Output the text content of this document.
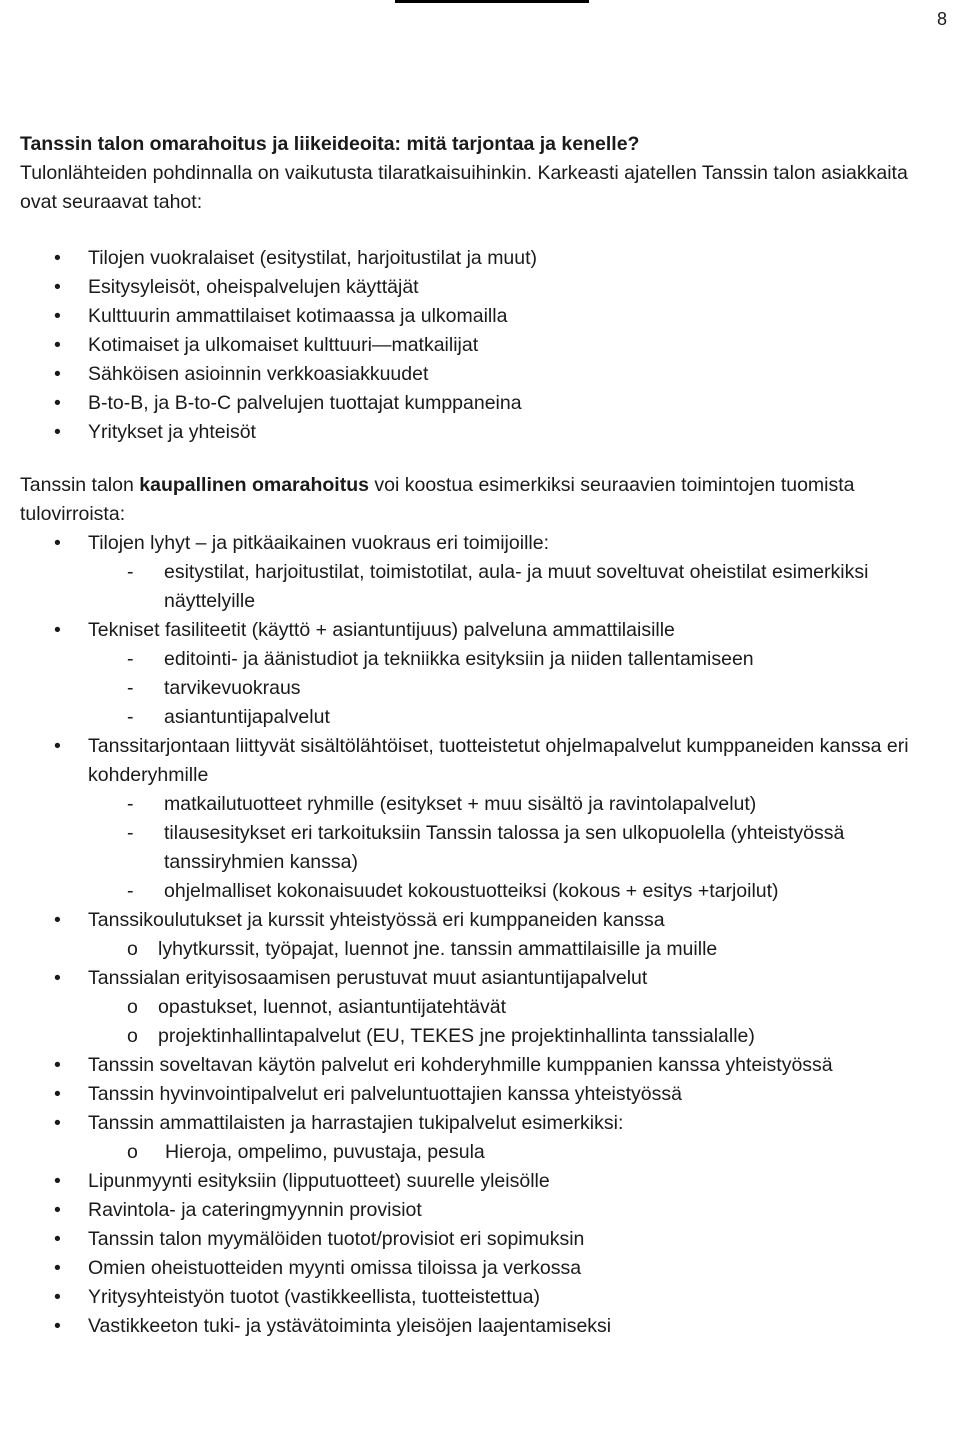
8

Tanssin talon omarahoitus ja liikeideoita: mitä tarjontaa ja kenelle?

Tulonlähteiden pohdinnalla on vaikutusta tilaratkaisuihinkin. Karkeasti ajatellen Tanssin talon asiakkaita ovat seuraavat tahot:

• Tilojen vuokralaiset (esitystilat, harjoitustilat ja muut)
• Esitysyleisöt, oheispalvelujen käyttäjät
• Kulttuurin ammattilaiset kotimaassa ja ulkomailla
• Kotimaiset ja ulkomaiset kulttuuri—matkailijat
• Sähköisen asioinnin verkkoasiakkuudet
• B-to-B, ja B-to-C palvelujen tuottajat kumppaneina
• Yritykset ja yhteisöt

Tanssin talon kaupallinen omarahoitus voi koostua esimerkiksi seuraavien toimintojen tuomista tulovirroista:

• Tilojen lyhyt – ja pitkäaikainen vuokraus eri toimijoille:
- esitystilat, harjoitustilat, toimistotilat, aula- ja muut soveltuvat oheistilat esimerkiksi näyttelyille
• Tekniset fasiliteetit (käyttö + asiantuntijuus) palveluna ammattilaisille
- editointi- ja äänistudiot ja tekniikka esityksiin ja niiden tallentamiseen
- tarvikevuokraus
- asiantuntijapalvelut
• Tanssitarjontaan liittyvät sisältölähtöiset, tuotteistetut ohjelmapalvelut kumppaneiden kanssa eri kohderyhmille
- matkailutuotteet ryhmille (esitykset + muu sisältö ja ravintolapalvelut)
- tilausesitykset eri tarkoituksiin Tanssin talossa ja sen ulkopuolella (yhteistyössä tanssiryhmien kanssa)
- ohjelmalliset kokonaisuudet kokoustuotteiksi (kokous + esitys +tarjoilut)
• Tanssikoulutukset ja kurssit yhteistyössä eri kumppaneiden kanssa
o lyhytkurssit, työpajat, luennot jne. tanssin ammattilaisille ja muille
• Tanssialan erityisosaamisen perustuvat muut asiantuntijapalvelut
o opastukset, luennot, asiantuntijatehtävät
o projektinhallintapalvelut (EU, TEKES jne projektinhallinta tanssialalle)
• Tanssin soveltavan käytön palvelut eri kohderyhmille kumppanien kanssa yhteistyössä
• Tanssin hyvinvointipalvelut eri palveluntuottajien kanssa yhteistyössä
• Tanssin ammattilaisten ja harrastajien tukipalvelut esimerkiksi:
o Hieroja, ompelimo, puvustaja, pesula
• Lipunmyynti esityksiin (lipputuotteet) suurelle yleisölle
• Ravintola- ja cateringmyynnin provisiot
• Tanssin talon myymälöiden tuotot/provisiot eri sopimuksin
• Omien oheistuotteiden myynti omissa tiloissa ja verkossa
• Yritysyhteistyön tuotot (vastikkeellista, tuotteistettua)
• Vastikkeeton tuki- ja ystävätoiminta yleisöjen laajentamiseksi
